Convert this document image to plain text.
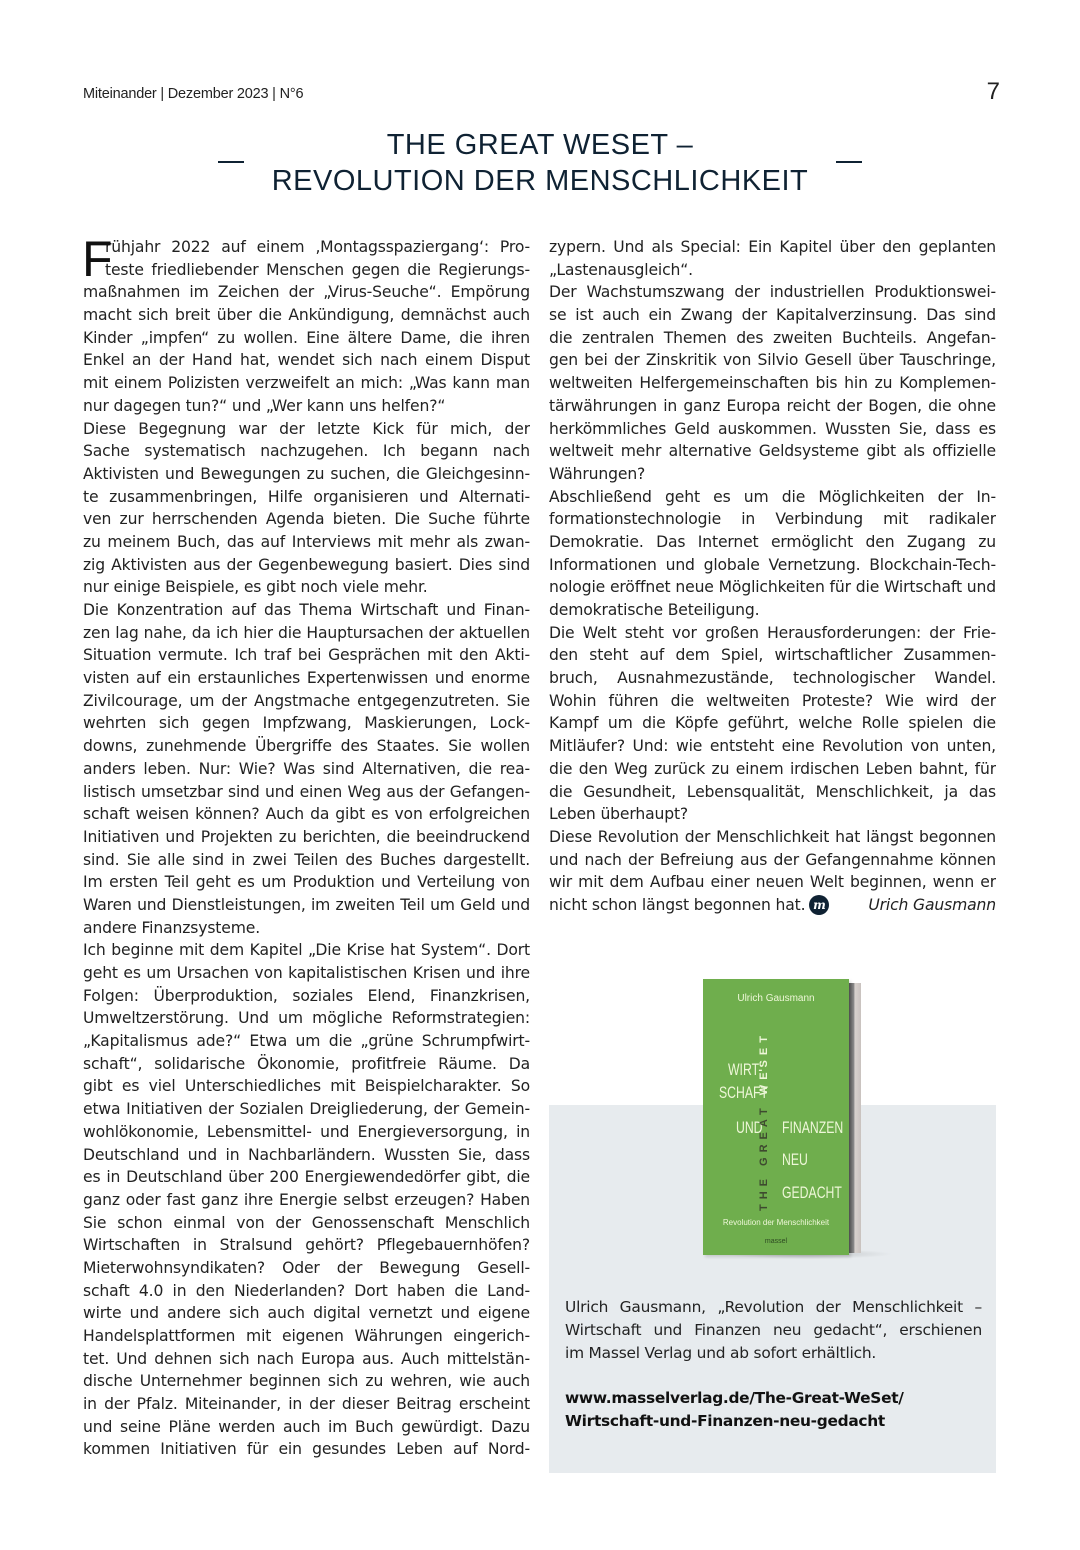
Miteinander | Dezember 2023 | N°6	7
THE GREAT WESET –
REVOLUTION DER MENSCHLICHKEIT
F
rühjahr 2022 auf einem ‚Montagsspaziergang‘: Pro-
teste friedliebender Menschen gegen die Regierungs-
maßnahmen im Zeichen der „Virus-Seuche“. Empörung
macht sich breit über die Ankündigung, demnächst auch
Kinder „impfen“ zu wollen. Eine ältere Dame, die ihren
Enkel an der Hand hat, wendet sich nach einem Disput
mit einem Polizisten verzweifelt an mich: „Was kann man
nur dagegen tun?“ und „Wer kann uns helfen?“
Diese Begegnung war der letzte Kick für mich, der
Sache systematisch nachzugehen. Ich begann nach
Aktivisten und Bewegungen zu suchen, die Gleichgesinn-
te zusammenbringen, Hilfe organisieren und Alternati-
ven zur herrschenden Agenda bieten. Die Suche führte
zu meinem Buch, das auf Interviews mit mehr als zwan-
zig Aktivisten aus der Gegenbewegung basiert. Dies sind
nur einige Beispiele, es gibt noch viele mehr.
Die Konzentration auf das Thema Wirtschaft und Finan-
zen lag nahe, da ich hier die Hauptursachen der aktuellen
Situation vermute. Ich traf bei Gesprächen mit den Akti-
visten auf ein erstaunliches Expertenwissen und enorme
Zivilcourage, um der Angstmache entgegenzutreten. Sie
wehrten sich gegen Impfzwang, Maskierungen, Lock-
downs, zunehmende Übergriffe des Staates. Sie wollen
anders leben. Nur: Wie? Was sind Alternativen, die rea-
listisch umsetzbar sind und einen Weg aus der Gefangen-
schaft weisen können? Auch da gibt es von erfolgreichen
Initiativen und Projekten zu berichten, die beeindruckend
sind. Sie alle sind in zwei Teilen des Buches dargestellt.
Im ersten Teil geht es um Produktion und Verteilung von
Waren und Dienstleistungen, im zweiten Teil um Geld und
andere Finanzsysteme.
Ich beginne mit dem Kapitel „Die Krise hat System“. Dort
geht es um Ursachen von kapitalistischen Krisen und ihre
Folgen: Überproduktion, soziales Elend, Finanzkrisen,
Umweltzerstörung. Und um mögliche Reformstrategien:
„Kapitalismus ade?“ Etwa um die „grüne Schrumpfwirt-
schaft“, solidarische Ökonomie, profitfreie Räume. Da
gibt es viel Unterschiedliches mit Beispielcharakter. So
etwa Initiativen der Sozialen Dreigliederung, der Gemein-
wohlökonomie, Lebensmittel- und Energieversorgung, in
Deutschland und in Nachbarländern. Wussten Sie, dass
es in Deutschland über 200 Energiewendedörfer gibt, die
ganz oder fast ganz ihre Energie selbst erzeugen? Haben
Sie schon einmal von der Genossenschaft Menschlich
Wirtschaften in Stralsund gehört? Pflegebauernhöfen?
Mieterwohnsyndikaten? Oder der Bewegung Gesell-
schaft 4.0 in den Niederlanden? Dort haben die Land-
wirte und andere sich auch digital vernetzt und eigene
Handelsplattformen mit eigenen Währungen eingerich-
tet. Und dehnen sich nach Europa aus. Auch mittelstän-
dische Unternehmer beginnen sich zu wehren, wie auch
in der Pfalz. Miteinander, in der dieser Beitrag erscheint
und seine Pläne werden auch im Buch gewürdigt. Dazu
kommen Initiativen für ein gesundes Leben auf Nord-
zypern. Und als Special: Ein Kapitel über den geplanten
„Lastenausgleich“.
Der Wachstumszwang der industriellen Produktionswei-
se ist auch ein Zwang der Kapitalverzinsung. Das sind
die zentralen Themen des zweiten Buchteils. Angefan-
gen bei der Zinskritik von Silvio Gesell über Tauschringe,
weltweiten Helfergemeinschaften bis hin zu Komplemen-
tärwährungen in ganz Europa reicht der Bogen, die ohne
herkömmliches Geld auskommen. Wussten Sie, dass es
weltweit mehr alternative Geldsysteme gibt als offizielle
Währungen?
Abschließend geht es um die Möglichkeiten der In-
formationstechnologie in Verbindung mit radikaler
Demokratie. Das Internet ermöglicht den Zugang zu
Informationen und globale Vernetzung. Blockchain-Tech-
nologie eröffnet neue Möglichkeiten für die Wirtschaft und
demokratische Beteiligung.
Die Welt steht vor großen Herausforderungen: der Frie-
den steht auf dem Spiel, wirtschaftlicher Zusammen-
bruch, Ausnahmezustände, technologischer Wandel.
Wohin führen die weltweiten Proteste? Wie wird der
Kampf um die Köpfe geführt, welche Rolle spielen die
Mitläufer? Und: wie entsteht eine Revolution von unten,
die den Weg zurück zu einem irdischen Leben bahnt, für
die Gesundheit, Lebensqualität, Menschlichkeit, ja das
Leben überhaupt?
Diese Revolution der Menschlichkeit hat längst begonnen
und nach der Befreiung aus der Gefangennahme können
wir mit dem Aufbau einer neuen Welt beginnen, wenn er
nicht schon längst begonnen hat. m	Urich Gausmann
Ulrich Gausmann
WIRT-
SCHAFT
UND FINANZEN
NEU
GEDACHT
THE GREAT WESET
Revolution der Menschlichkeit
massel
Ulrich Gausmann, „Revolution der Menschlichkeit –
Wirtschaft und Finanzen neu gedacht“, erschienen
im Massel Verlag und ab sofort erhältlich.
www.masselverlag.de/The-Great-WeSet/
Wirtschaft-und-Finanzen-neu-gedacht
